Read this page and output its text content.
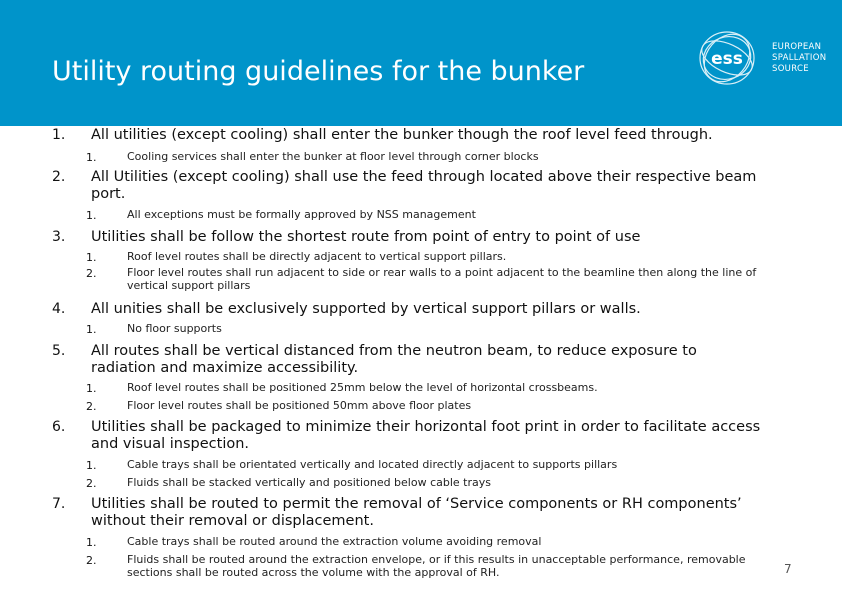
Utility routing guidelines for the bunker	ess
EUROPEAN
SPALLATION
SOURCE
1. All utilities (except cooling) shall enter the bunker though the roof level feed through.
1.	Cooling services shall enter the bunker at floor level through corner blocks
2. All Utilities (except cooling) shall use the feed through located above their respective beam port.
1.	All exceptions must be formally approved by NSS management
3. Utilities shall be follow the shortest route from point of entry to point of use
1.	Roof level routes shall be directly adjacent to vertical support pillars.
2.	Floor level routes shall run adjacent to side or rear walls to a point adjacent to the beamline then along the line of vertical support pillars
4. All unities shall be exclusively supported by vertical support pillars or walls.
1.	No floor supports
5. All routes shall be vertical distanced from the neutron beam, to reduce exposure to radiation and maximize accessibility.
1.	Roof level routes shall be positioned 25mm below the level of horizontal crossbeams.
2.	Floor level routes shall be positioned 50mm above floor plates
6. Utilities shall be packaged to minimize their horizontal foot print in order to facilitate access and visual inspection.
1.	Cable trays shall be orientated vertically and located directly adjacent to supports pillars
2.	Fluids shall be stacked vertically and positioned below cable trays
7. Utilities shall be routed to permit the removal of ‘Service components or RH components’ without their removal or displacement.
1.	Cable trays shall be routed around the extraction volume avoiding removal
2.	Fluids shall be routed around the extraction envelope, or if this results in unacceptable performance, removable sections shall be routed across the volume with the approval of RH.	7
